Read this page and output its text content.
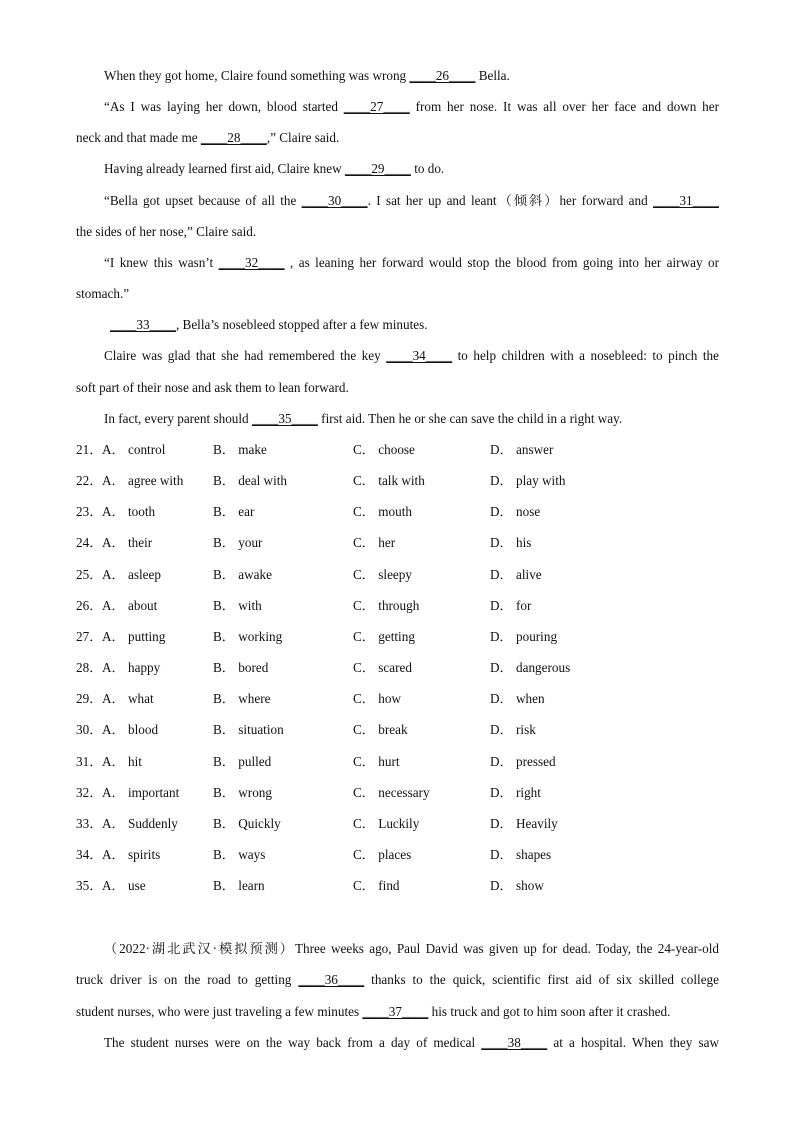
When they got home, Claire found something was wrong ____26____ Bella.
“As I was laying her down, blood started ____27____ from her nose. It was all over her face and down her
neck and that made me ____28____,” Claire said.
Having already learned first aid, Claire knew ____29____ to do.
“Bella got upset because of all the ____30____. I sat her up and leant（倾斜）her forward and ____31____
the sides of her nose,” Claire said.
“I knew this wasn’t ____32____ , as leaning her forward would stop the blood from going into her airway or
stomach.”
____33____, Bella’s nosebleed stopped after a few minutes.
Claire was glad that she had remembered the key ____34____ to help children with a nosebleed: to pinch the
soft part of their nose and ask them to lean forward.
In fact, every parent should ____35____ first aid. Then he or she can save the child in a right way.
21． A． control	B． make	C． choose	D． answer
22． A． agree with B． deal with	C． talk with	D． play with
23． A． tooth	B． ear	C． mouth	D． nose
24． A． their	B． your	C． her	D． his
25． A． asleep	B． awake	C． sleepy	D． alive
26． A． about	B． with	C． through	D． for
27． A． putting	B． working	C． getting	D． pouring
28． A． happy	B． bored	C． scared	D． dangerous
29． A． what	B． where	C． how	D． when
30． A． blood	B． situation	C． break	D． risk
31． A． hit	B． pulled	C． hurt	D． pressed
32． A． important	B． wrong	C． necessary	D． right
33． A． Suddenly	B． Quickly	C． Luckily	D． Heavily
34． A． spirits	B． ways	C． places	D． shapes
35． A． use	B． learn	C． find	D． show
（2022·湖北武汉·模拟预测）Three weeks ago, Paul David was given up for dead. Today, the 24-year-old
truck driver is on the road to getting ____36____ thanks to the quick, scientific first aid of six skilled college
student nurses, who were just traveling a few minutes ____37____ his truck and got to him soon after it crashed.
The student nurses were on the way back from a day of medical ____38____ at a hospital. When they saw
